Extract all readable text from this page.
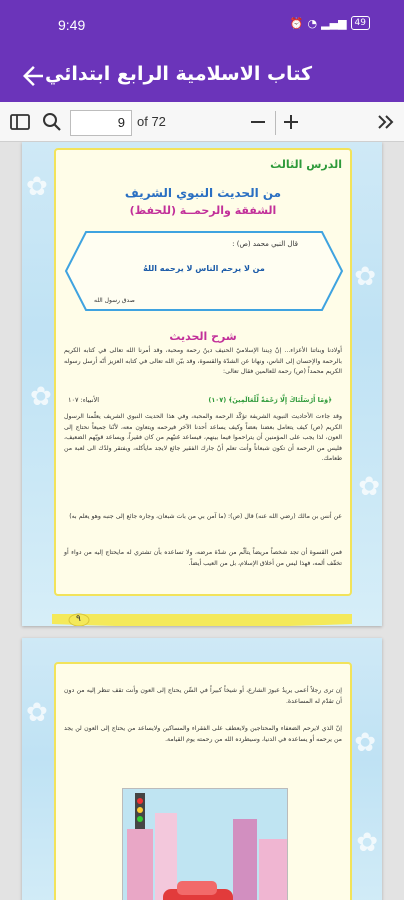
9:49	⏰ ◔ ▂▄▆ 49
كتاب الاسلامية الرابع ابتدائي
9 of 72
✿
✿
✿
✿
الدرس الثالث
من الحديث النبوي الشريف
الشفقة والرحمــة (للحفظ)
قال النبي محمد (ص) :
من لا يرحم الناس لا يرحمه اللهُ
صدق رسول الله
شرح الحديث
أولادنا وبناتنا الأعزاء... إنّ دِيننا الإسلاميّ الحنيف دينُ رحمة ومحبة، وقد أمرنا الله تعالى في كتابه الكريم بالرحمة والإحسان إلى الناس، ونهانا عن الشدّة والقسوة، وقد بيّن الله تعالى في كتابه العزيز أنّه أرسل رسوله الكريم محمداً (ص) رحمة للعالمين فقال تعالى:
﴿وَمَا أَرْسَلْنَاكَ إِلَّا رَحْمَةً لِّلْعَالَمِينَ﴾ (١٠٧)
الأنبياء: ١٠٧
وقد جاءت الأحاديث النبوية الشريفة تؤكّد الرحمة والمحبة، وفي هذا الحديث النبوي الشريف يعلّمنا الرسول الكريم (ص) كيف يتعامل بعضنا بعضاً وكيف يساعد أحدنا الآخر فيرحمه ويتعاون معه، لأنّنا جميعاً نحتاج إلى العون، لذا يجب على المؤمنين أن يتراحموا فيما بينهم، فيساعد غنيّهم من كان فقيراً، ويساعد قويّهم الضعيف، فليس من الرحمة أن تكون شبعاناً وأنت تعلم أنّ جارك الفقير جائع لايجد مايأكله، ويفتقر ولدُك الى لعبة من طعامك.
عن أنس بن مالك (رضي الله عنه) قال (ص): (ما آمن بي من بات شبعان، وجاره جائع إلى جنبه وهو يعلم به)
فمن القسوة أن تجد شخصاً مريضاً يتألّم من شدّة مرضه، ولا تساعده بأن تشتري له مايحتاج إليه من دواء أو تخفّف ألمه، فهذا ليس من أخلاق الإسلام، بل من العيب أيضاً.
٩
✿
✿
✿
إن ترى رجلاً أعمى يريدُ عبورَ الشارع، أو شيخاً كبيراً في السِّن يحتاج إلى العون وأنت تقف تنظر إليه من دون أن تقدّم له المساعدة.
إنّ الذي لايرحم الضعفاء والمحتاجين ولايعطف على الفقراء والمساكين ولايساعد من يحتاج إلى العون لن يجد من يرحمه أو يساعده في الدنيا، وسيطرده الله من رحمته يوم القيامة.
